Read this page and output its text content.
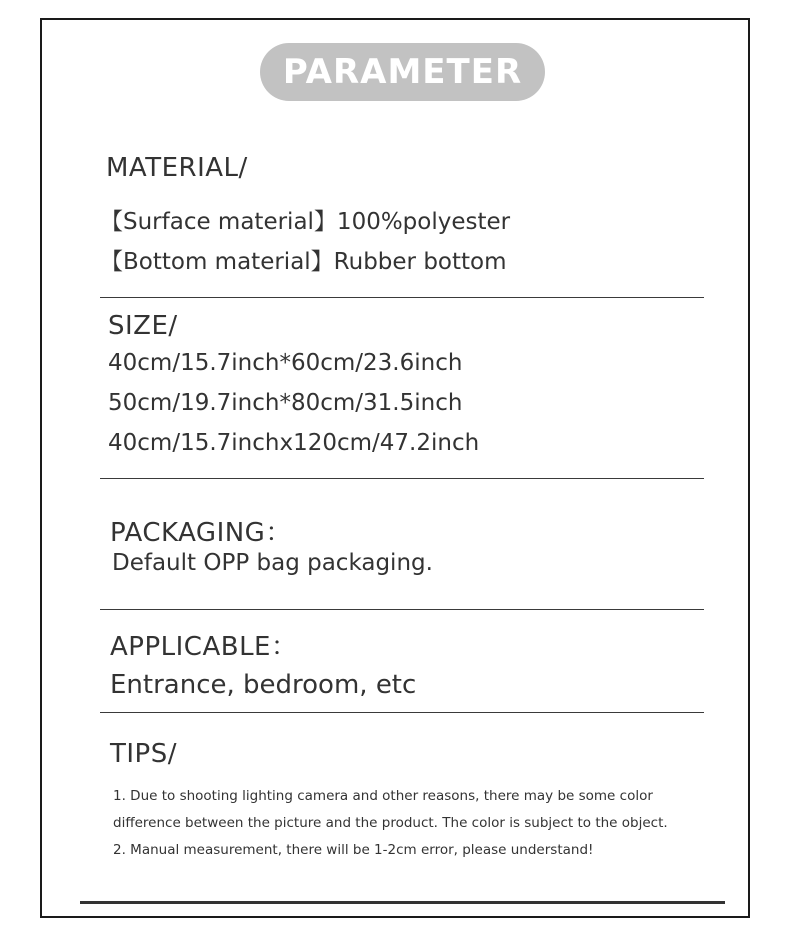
PARAMETER
MATERIAL/
【Surface material】100%polyester
【Bottom material】Rubber bottom
SIZE/
40cm/15.7inch*60cm/23.6inch
50cm/19.7inch*80cm/31.5inch
40cm/15.7inchx120cm/47.2inch
PACKAGING：
Default OPP bag packaging.
APPLICABLE：
Entrance, bedroom, etc
TIPS/
1. Due to shooting lighting camera and other reasons, there may be some color
difference between the picture and the product. The color is subject to the object.
2. Manual measurement, there will be 1-2cm error, please understand!
